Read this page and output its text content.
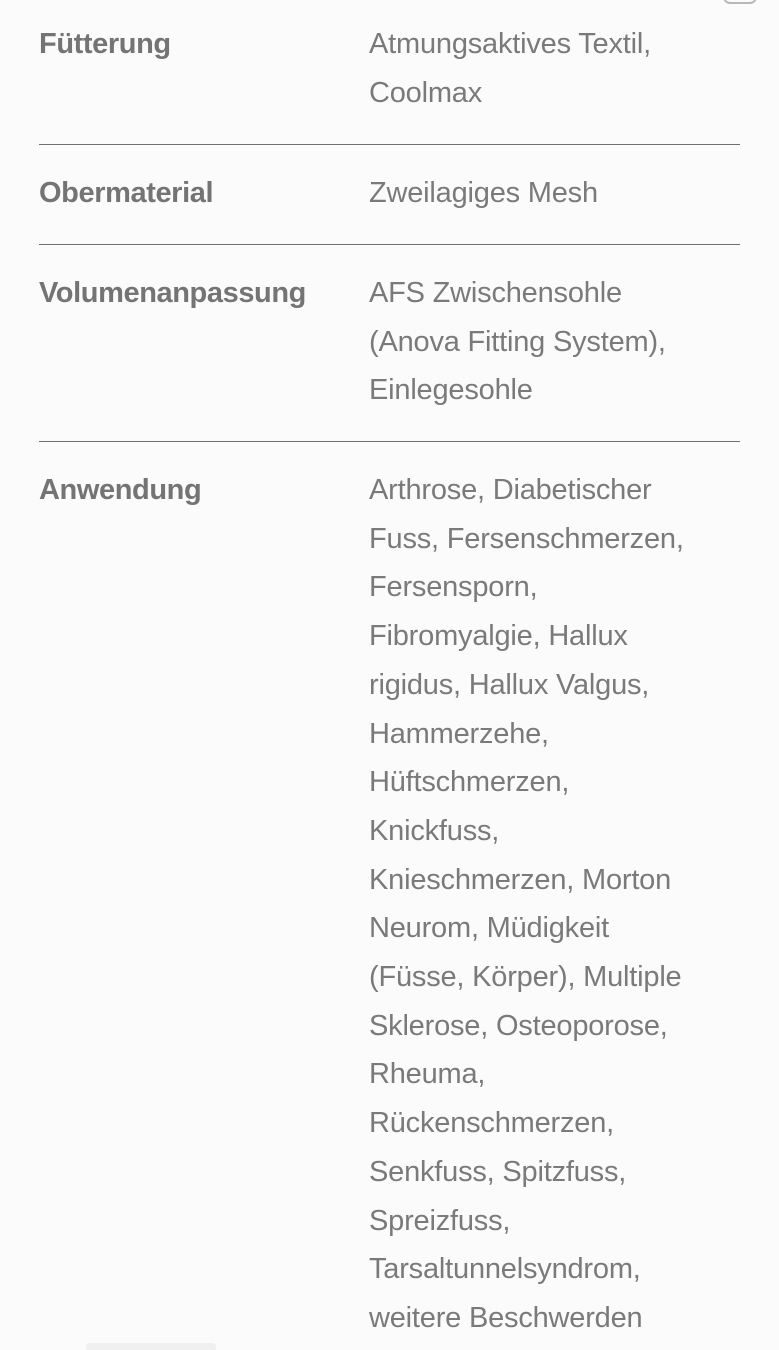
Fütterung	Atmungsaktives Textil,
Coolmax
Obermaterial	Zweilagiges Mesh
Volumenanpassung	AFS Zwischensohle
(Anova Fitting System),
Einlegesohle
Anwendung	Arthrose, Diabetischer
Fuss, Fersenschmerzen,
Fersensporn,
Fibromyalgie, Hallux
rigidus, Hallux Valgus,
Hammerzehe,
Hüftschmerzen,
Knickfuss,
Knieschmerzen, Morton
Neurom, Müdigkeit
(Füsse, Körper), Multiple
Sklerose, Osteoporose,
Rheuma,
Rückenschmerzen,
Senkfuss, Spitzfuss,
Spreizfuss,
Tarsaltunnelsyndrom,
weitere Beschwerden
